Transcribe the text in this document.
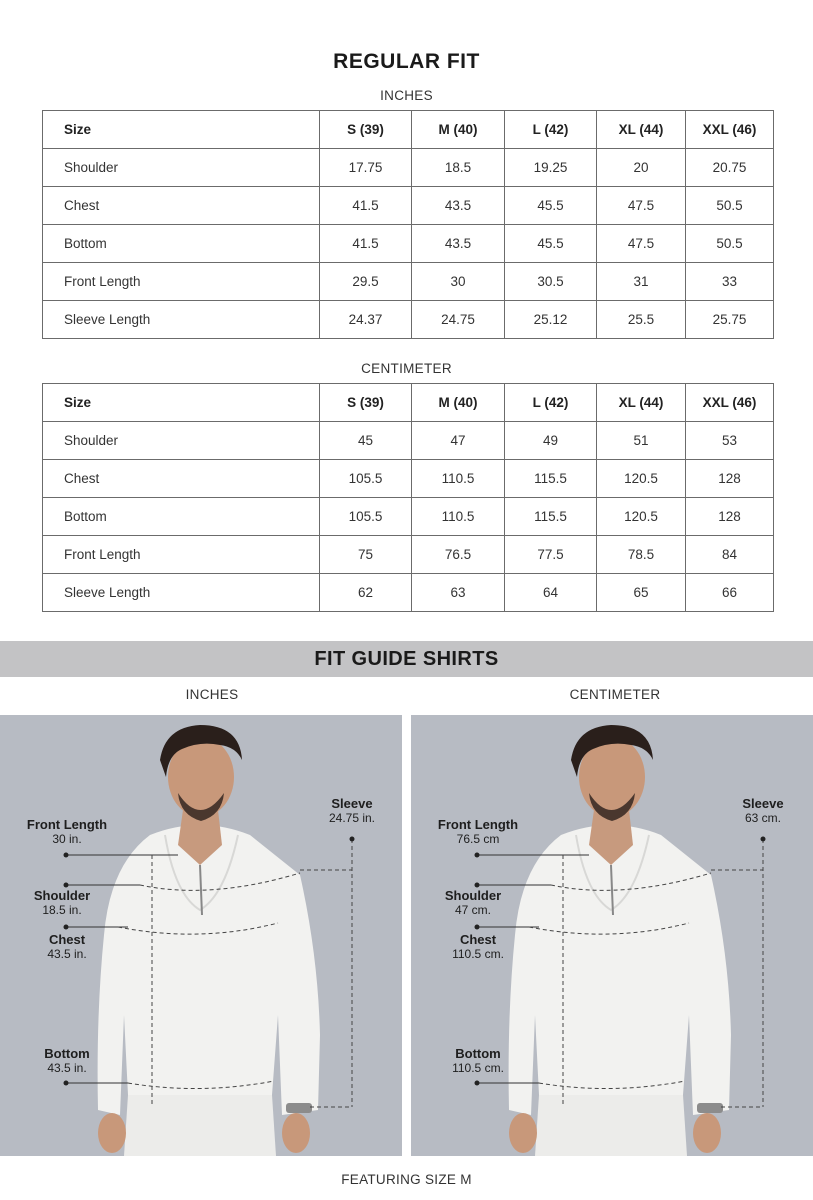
REGULAR FIT
INCHES
Size	S (39)	M (40)	L (42)	XL (44)	XXL (46)
Shoulder	17.75	18.5	19.25	20	20.75
Chest	41.5	43.5	45.5	47.5	50.5
Bottom	41.5	43.5	45.5	47.5	50.5
Front Length	29.5	30	30.5	31	33
Sleeve Length	24.37	24.75	25.12	25.5	25.75
CENTIMETER
Size	S (39)	M (40)	L (42)	XL (44)	XXL (46)
Shoulder	45	47	49	51	53
Chest	105.5	110.5	115.5	120.5	128
Bottom	105.5	110.5	115.5	120.5	128
Front Length	75	76.5	77.5	78.5	84
Sleeve Length	62	63	64	65	66
FIT GUIDE SHIRTS
INCHES	CENTIMETER
Front Length
30 in.
Shoulder
18.5 in.
Chest
43.5 in.
Bottom
43.5 in.
Sleeve
24.75 in.	Front Length
76.5 cm
Shoulder
47 cm.
Chest
110.5 cm.
Bottom
110.5 cm.
Sleeve
63 cm.
FEATURING SIZE M
